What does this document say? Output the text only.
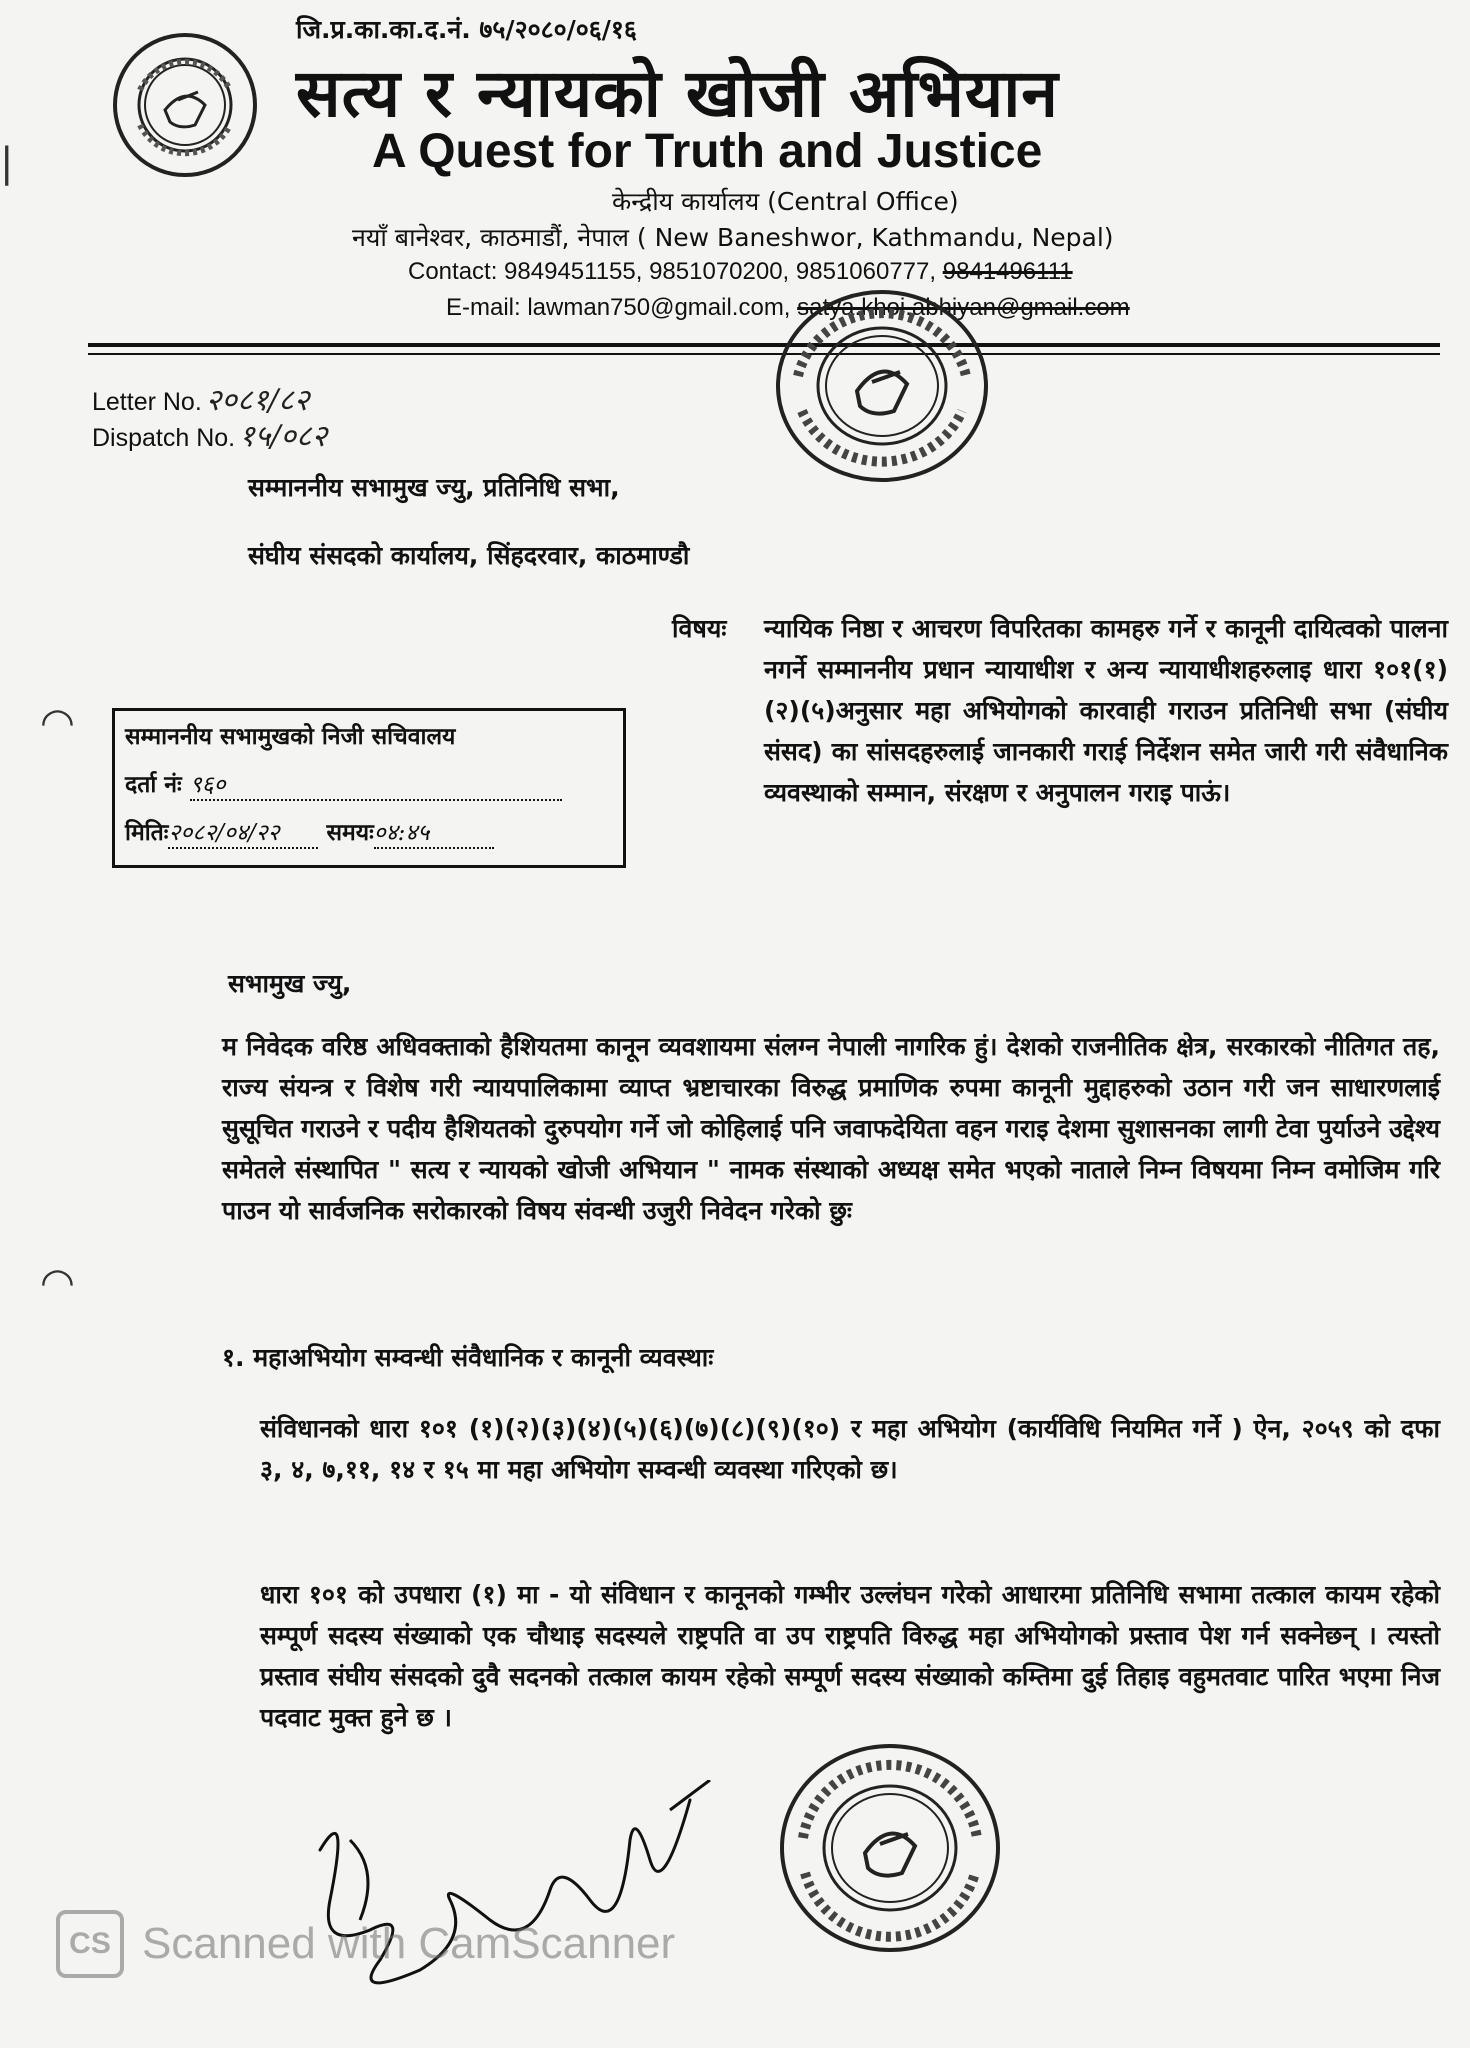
|
◠
◠
जि.प्र.का.का.द.नं. ७५/२०८०/०६/१६
सत्य र न्यायको खोजी अभियान
A Quest for Truth and Justice
केन्द्रीय कार्यालय (Central Office)
नयाँ बानेश्वर, काठमाडौं, नेपाल ( New Baneshwor, Kathmandu, Nepal)
Contact: 9849451155, 9851070200, 9851060777, 9841496111
E-mail: lawman750@gmail.com, satya.khoj.abhiyan@gmail.com
Letter No. २०८१/८२
Dispatch No. १५/०८२
सम्माननीय सभामुख ज्यु, प्रतिनिधि सभा,
संघीय संसदको कार्यालय, सिंहदरवार, काठमाण्डौ
विषयः न्यायिक निष्ठा र आचरण विपरितका कामहरु गर्ने र कानूनी दायित्वको पालना नगर्ने सम्माननीय प्रधान न्यायाधीश र अन्य न्यायाधीशहरुलाइ धारा १०१(१)(२)(५)अनुसार महा अभियोगको कारवाही गराउन प्रतिनिधी सभा (संघीय संसद) का सांसदहरुलाई जानकारी गराई निर्देशन समेत जारी गरी संवैधानिक व्यवस्थाको सम्मान, संरक्षण र अनुपालन गराइ पाऊं।
सम्माननीय सभामुखको निजी सचिवालय
दर्ता नंः ९६०
मितिः२०८२/०४/२२ समयः०४:४५
सभामुख ज्यु,
म निवेदक वरिष्ठ अधिवक्ताको हैशियतमा कानून व्यवशायमा संलग्न नेपाली नागरिक हुं। देशको राजनीतिक क्षेत्र, सरकारको नीतिगत तह, राज्य संयन्त्र र विशेष गरी न्यायपालिकामा व्याप्त भ्रष्टाचारका विरुद्ध प्रमाणिक रुपमा कानूनी मुद्दाहरुको उठान गरी जन साधारणलाई सुसूचित गराउने र पदीय हैशियतको दुरुपयोग गर्ने जो कोहिलाई पनि जवाफदेयिता वहन गराइ देशमा सुशासनका लागी टेवा पुर्याउने उद्देश्य समेतले संस्थापित " सत्य र न्यायको खोजी अभियान " नामक संस्थाको अध्यक्ष समेत भएको नाताले निम्न विषयमा निम्न वमोजिम गरि पाउन यो सार्वजनिक सरोकारको विषय संवन्धी उजुरी निवेदन गरेको छुः
१. महाअभियोग सम्वन्धी संवैधानिक र कानूनी व्यवस्थाः
संविधानको धारा १०१ (१)(२)(३)(४)(५)(६)(७)(८)(९)(१०) र महा अभियोग (कार्यविधि नियमित गर्ने ) ऐन, २०५९ को दफा ३, ४, ७,११, १४ र १५ मा महा अभियोग सम्वन्धी व्यवस्था गरिएको छ।
धारा १०१ को उपधारा (१) मा - यो संविधान र कानूनको गम्भीर उल्लंघन गरेको आधारमा प्रतिनिधि सभामा तत्काल कायम रहेको सम्पूर्ण सदस्य संख्याको एक चौथाइ सदस्यले राष्ट्रपति वा उप राष्ट्रपति विरुद्ध महा अभियोगको प्रस्ताव पेश गर्न सक्नेछन् । त्यस्तो प्रस्ताव संघीय संसदको दुवै सदनको तत्काल कायम रहेको सम्पूर्ण सदस्य संख्याको कम्तिमा दुई तिहाइ वहुमतवाट पारित भएमा निज पदवाट मुक्त हुने छ ।
CS Scanned with CamScanner
